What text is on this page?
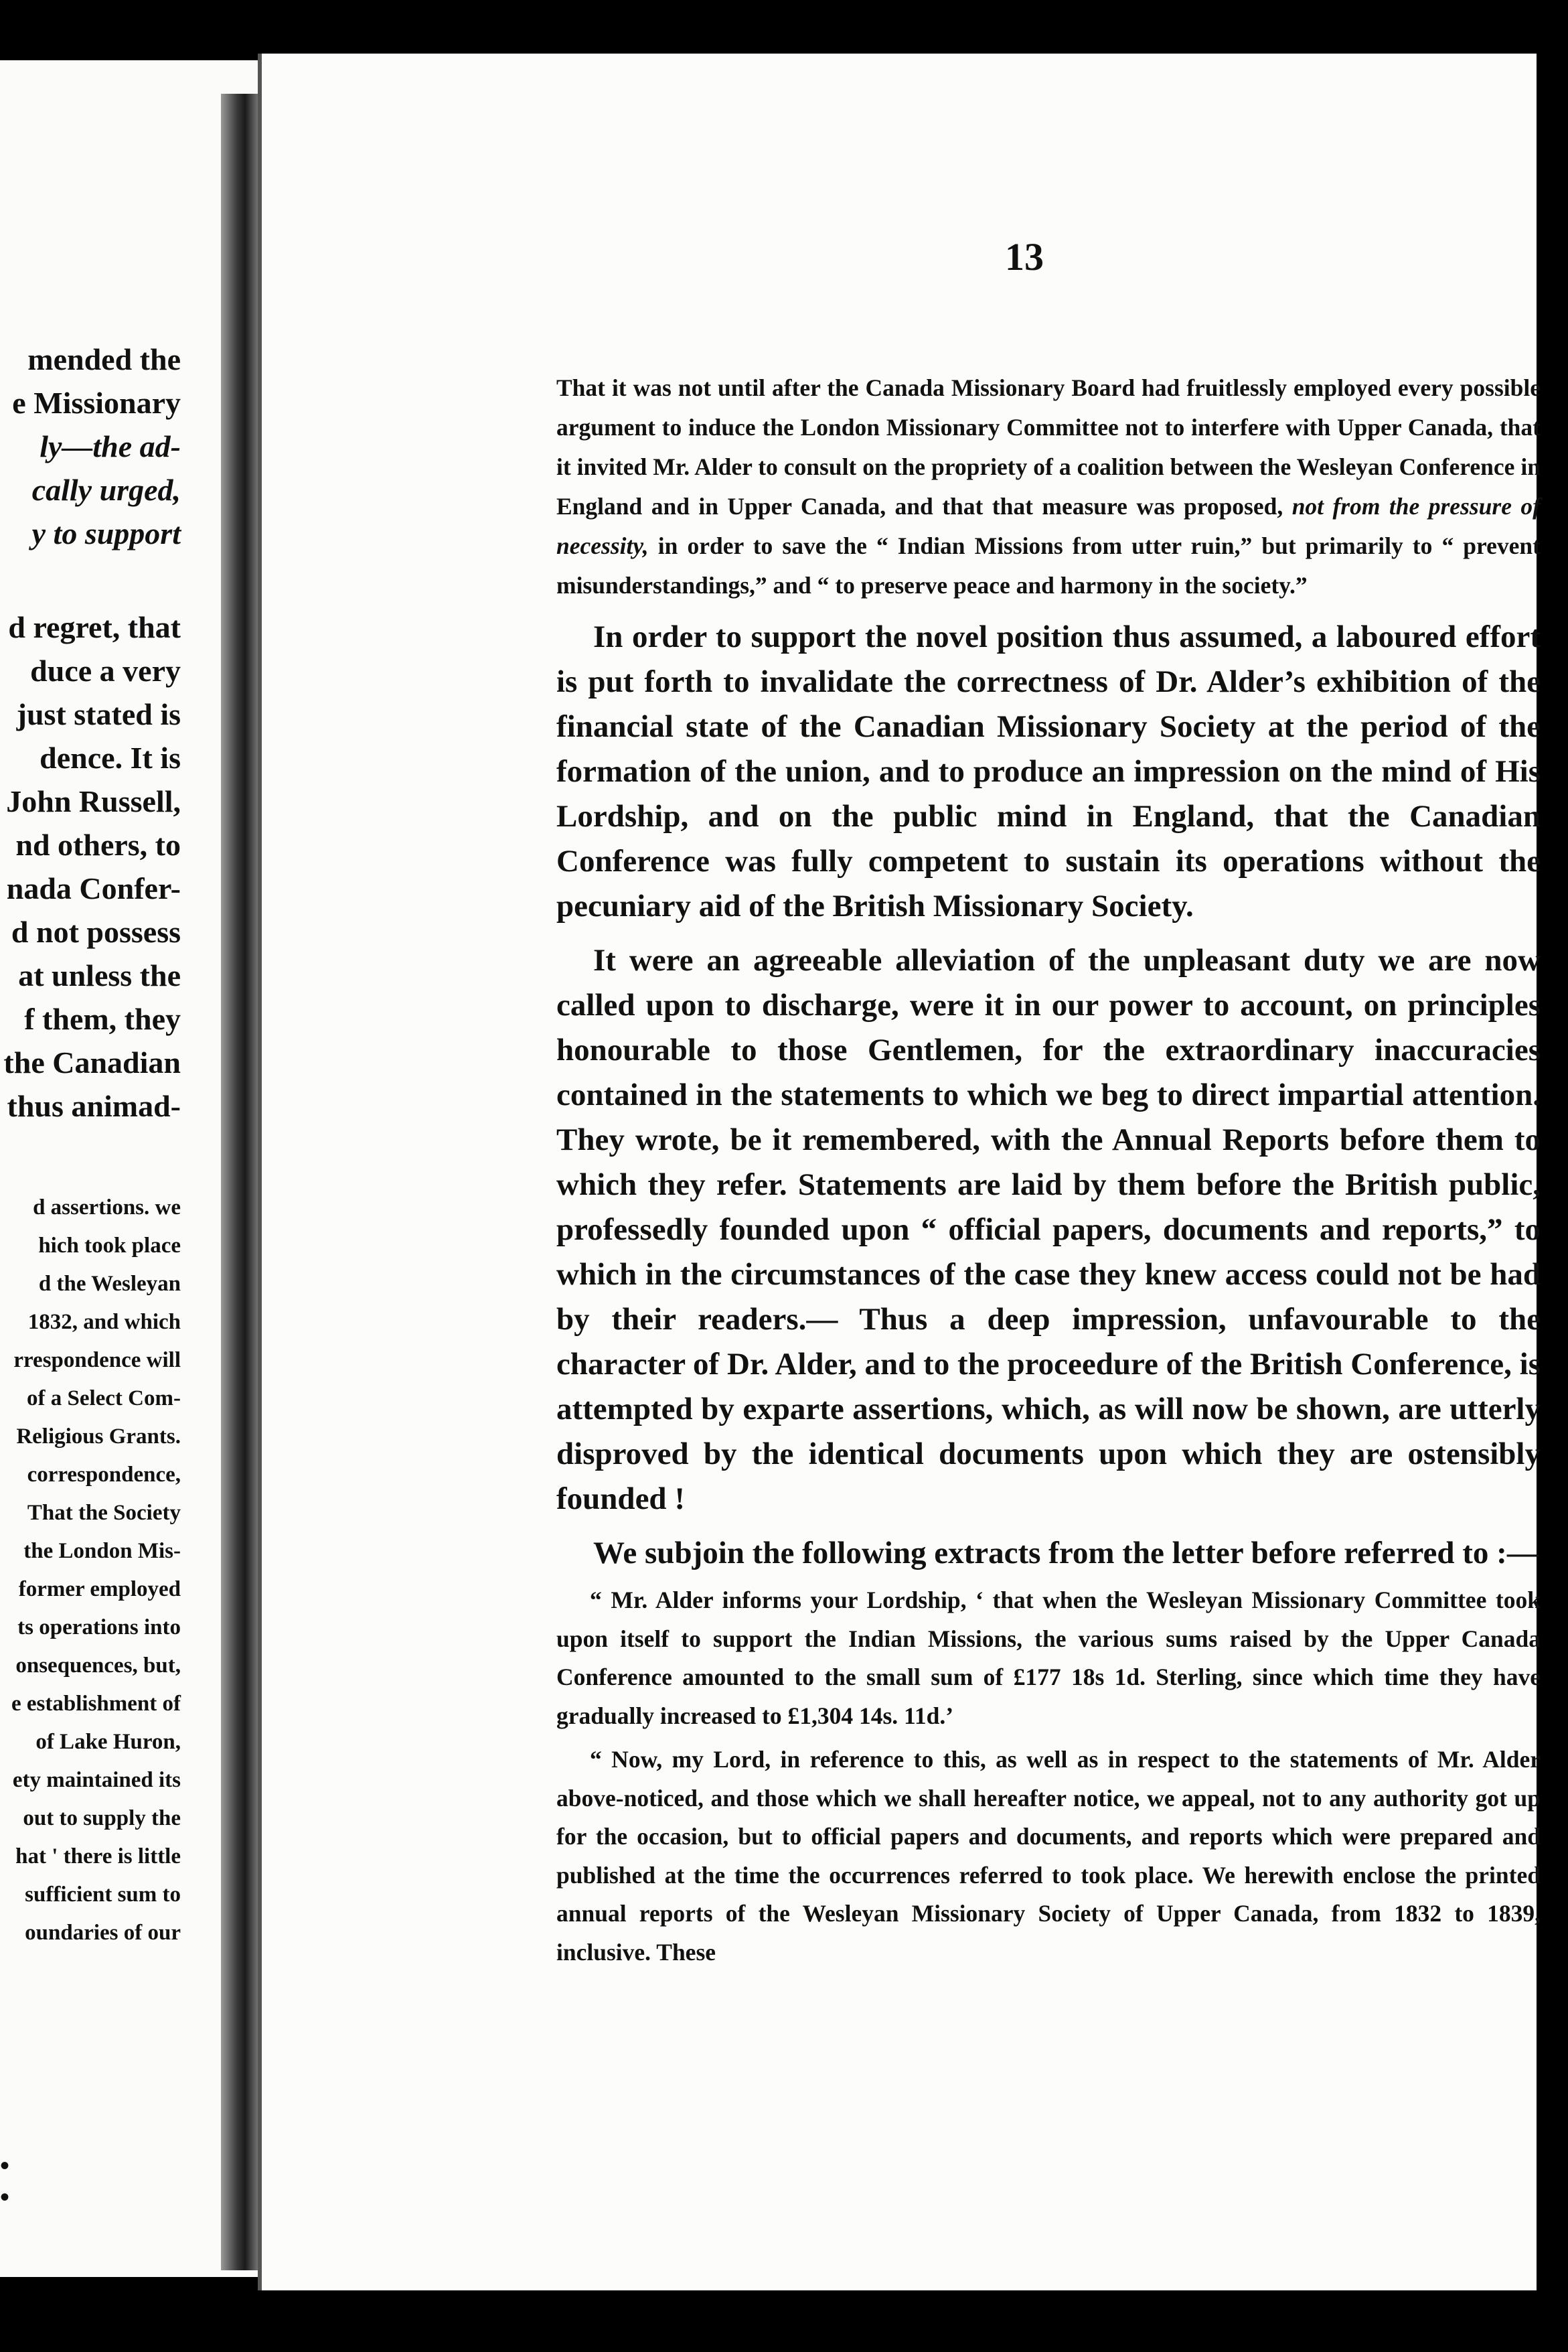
mended the
e Missionary
ly—the ad-
cally urged,
y to support
d regret, that
duce a very
just stated is
dence. It is
John Russell,
nd others, to
nada Confer-
d not possess
at unless the
f them, they
the Canadian
thus animad-
d assertions. we
hich took place
d the Wesleyan
1832, and which
rrespondence will
of a Select Com-
Religious Grants.
correspondence,
That the Society
the London Mis-
former employed
ts operations into
onsequences, but,
e establishment of
of Lake Huron,
ety maintained its
out to supply the
hat ' there is little
sufficient sum to
oundaries of our
• •
13

That it was not until after the Canada Missionary Board had fruitlessly employed every possible argument to induce the London Missionary Committee not to interfere with Upper Canada, that it invited Mr. Alder to consult on the propriety of a coalition between the Wesleyan Conference in England and in Upper Canada, and that that measure was proposed, not from the pressure of necessity, in order to save the “ Indian Missions from utter ruin,” but primarily to “ prevent misunderstandings,” and “ to preserve peace and harmony in the society.”

In order to support the novel position thus assumed, a laboured effort is put forth to invalidate the correctness of Dr. Alder’s exhibition of the financial state of the Canadian Missionary Society at the period of the formation of the union, and to produce an impression on the mind of His Lordship, and on the public mind in England, that the Canadian Conference was fully competent to sustain its operations without the pecuniary aid of the British Missionary Society.

It were an agreeable alleviation of the unpleasant duty we are now called upon to discharge, were it in our power to account, on principles honourable to those Gentlemen, for the extraordinary inaccuracies contained in the statements to which we beg to direct impartial attention. They wrote, be it remembered, with the Annual Reports before them to which they refer. Statements are laid by them before the British public, professedly founded upon “ official papers, documents and reports,” to which in the circumstances of the case they knew access could not be had by their readers.— Thus a deep impression, unfavourable to the character of Dr. Alder, and to the proceedure of the British Conference, is attempted by exparte assertions, which, as will now be shown, are utterly disproved by the identical documents upon which they are ostensibly founded !

We subjoin the following extracts from the letter before referred to :—

“ Mr. Alder informs your Lordship, ‘ that when the Wesleyan Missionary Committee took upon itself to support the Indian Missions, the various sums raised by the Upper Canada Conference amounted to the small sum of £177 18s 1d. Sterling, since which time they have gradually increased to £1,304 14s. 11d.’

“ Now, my Lord, in reference to this, as well as in respect to the statements of Mr. Alder above-noticed, and those which we shall hereafter notice, we appeal, not to any authority got up for the occasion, but to official papers and documents, and reports which were prepared and published at the time the occurrences referred to took place. We herewith enclose the printed annual reports of the Wesleyan Missionary Society of Upper Canada, from 1832 to 1839, inclusive. These
